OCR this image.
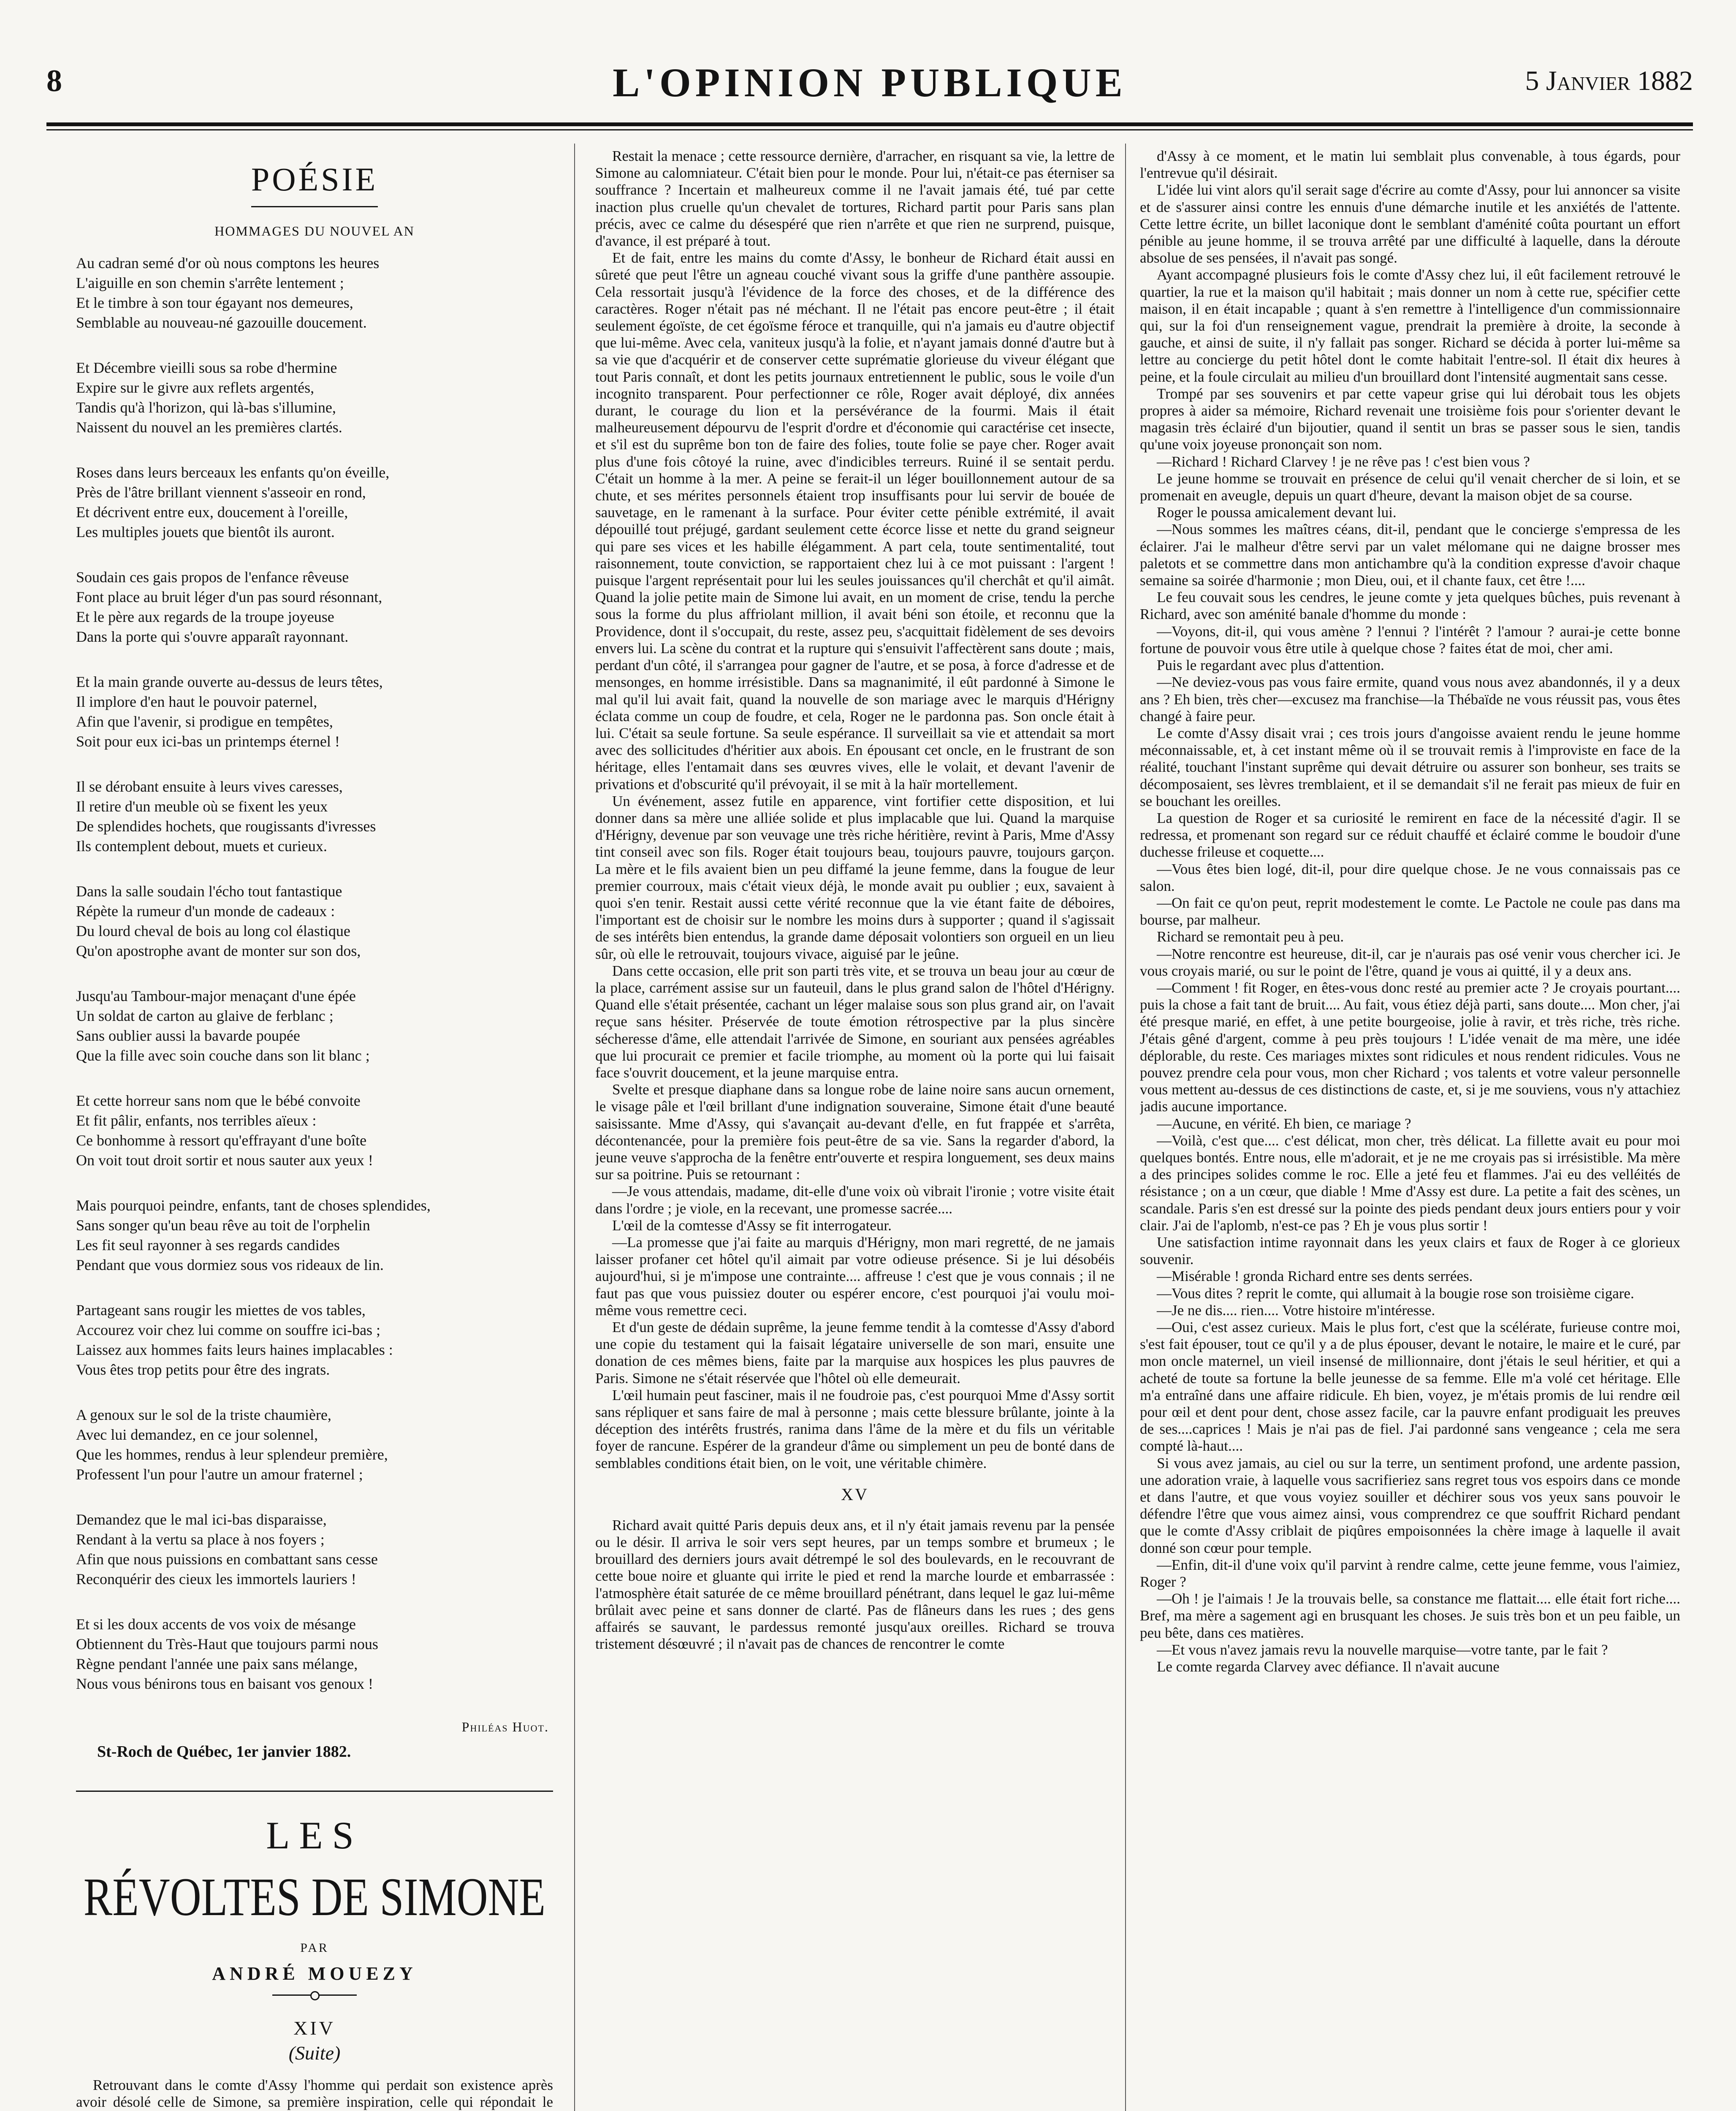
8	L'OPINION PUBLIQUE	5 Janvier 1882
POÉSIE
HOMMAGES DU NOUVEL AN
Au cadran semé d'or où nous comptons les heures
L'aiguille en son chemin s'arrête lentement ;
Et le timbre à son tour égayant nos demeures,
Semblable au nouveau-né gazouille doucement.
Et Décembre vieilli sous sa robe d'hermine
Expire sur le givre aux reflets argentés,
Tandis qu'à l'horizon, qui là-bas s'illumine,
Naissent du nouvel an les premières clartés.
Roses dans leurs berceaux les enfants qu'on éveille,
Près de l'âtre brillant viennent s'asseoir en rond,
Et décrivent entre eux, doucement à l'oreille,
Les multiples jouets que bientôt ils auront.
Soudain ces gais propos de l'enfance rêveuse
Font place au bruit léger d'un pas sourd résonnant,
Et le père aux regards de la troupe joyeuse
Dans la porte qui s'ouvre apparaît rayonnant.
Et la main grande ouverte au-dessus de leurs têtes,
Il implore d'en haut le pouvoir paternel,
Afin que l'avenir, si prodigue en tempêtes,
Soit pour eux ici-bas un printemps éternel !
Il se dérobant ensuite à leurs vives caresses,
Il retire d'un meuble où se fixent les yeux
De splendides hochets, que rougissants d'ivresses
Ils contemplent debout, muets et curieux.
Dans la salle soudain l'écho tout fantastique
Répète la rumeur d'un monde de cadeaux :
Du lourd cheval de bois au long col élastique
Qu'on apostrophe avant de monter sur son dos,
Jusqu'au Tambour-major menaçant d'une épée
Un soldat de carton au glaive de ferblanc ;
Sans oublier aussi la bavarde poupée
Que la fille avec soin couche dans son lit blanc ;
Et cette horreur sans nom que le bébé convoite
Et fit pâlir, enfants, nos terribles aïeux :
Ce bonhomme à ressort qu'effrayant d'une boîte
On voit tout droit sortir et nous sauter aux yeux !
Mais pourquoi peindre, enfants, tant de choses splendides,
Sans songer qu'un beau rêve au toit de l'orphelin
Les fit seul rayonner à ses regards candides
Pendant que vous dormiez sous vos rideaux de lin.
Partageant sans rougir les miettes de vos tables,
Accourez voir chez lui comme on souffre ici-bas ;
Laissez aux hommes faits leurs haines implacables :
Vous êtes trop petits pour être des ingrats.
A genoux sur le sol de la triste chaumière,
Avec lui demandez, en ce jour solennel,
Que les hommes, rendus à leur splendeur première,
Professent l'un pour l'autre un amour fraternel ;
Demandez que le mal ici-bas disparaisse,
Rendant à la vertu sa place à nos foyers ;
Afin que nous puissions en combattant sans cesse
Reconquérir des cieux les immortels lauriers !
Et si les doux accents de vos voix de mésange
Obtiennent du Très-Haut que toujours parmi nous
Règne pendant l'année une paix sans mélange,
Nous vous bénirons tous en baisant vos genoux !
Philéas Huot.
St-Roch de Québec, 1er janvier 1882.
LES
RÉVOLTES DE SIMONE
PAR
ANDRÉ MOUEZY
XIV
(Suite)

Retrouvant dans le comte d'Assy l'homme qui perdait son existence après avoir désolé celle de Simone, sa première inspiration, celle qui répondait le

Restait la menace ; cette ressource dernière, d'arracher, en risquant sa vie, la lettre de Simone au calomniateur. C'était bien pour le monde. Pour lui, n'était-ce pas éterniser sa souffrance ? Incertain et malheureux comme il ne l'avait jamais été, tué par cette inaction plus cruelle qu'un chevalet de tortures, Richard partit pour Paris sans plan précis, avec ce calme du désespéré que rien n'arrête et que rien ne surprend, puisque, d'avance, il est préparé à tout.

Et de fait, entre les mains du comte d'Assy, le bonheur de Richard était aussi en sûreté que peut l'être un agneau couché vivant sous la griffe d'une panthère assoupie. Cela ressortait jusqu'à l'évidence de la force des choses, et de la différence des caractères. Roger n'était pas né méchant. Il ne l'était pas encore peut-être ; il était seulement égoïste, de cet égoïsme féroce et tranquille, qui n'a jamais eu d'autre objectif que lui-même. Avec cela, vaniteux jusqu'à la folie, et n'ayant jamais donné d'autre but à sa vie que d'acquérir et de conserver cette suprématie glorieuse du viveur élégant que tout Paris connaît, et dont les petits journaux entretiennent le public, sous le voile d'un incognito transparent. Pour perfectionner ce rôle, Roger avait déployé, dix années durant, le courage du lion et la persévérance de la fourmi. Mais il était malheureusement dépourvu de l'esprit d'ordre et d'économie qui caractérise cet insecte, et s'il est du suprême bon ton de faire des folies, toute folie se paye cher. Roger avait plus d'une fois côtoyé la ruine, avec d'indicibles terreurs. Ruiné il se sentait perdu. C'était un homme à la mer. A peine se ferait-il un léger bouillonnement autour de sa chute, et ses mérites personnels étaient trop insuffisants pour lui servir de bouée de sauvetage, en le ramenant à la surface. Pour éviter cette pénible extrémité, il avait dépouillé tout préjugé, gardant seulement cette écorce lisse et nette du grand seigneur qui pare ses vices et les habille élégamment. A part cela, toute sentimentalité, tout raisonnement, toute conviction, se rapportaient chez lui à ce mot puissant : l'argent ! puisque l'argent représentait pour lui les seules jouissances qu'il cherchât et qu'il aimât. Quand la jolie petite main de Simone lui avait, en un moment de crise, tendu la perche sous la forme du plus affriolant million, il avait béni son étoile, et reconnu que la Providence, dont il s'occupait, du reste, assez peu, s'acquittait fidèlement de ses devoirs envers lui. La scène du contrat et la rupture qui s'ensuivit l'affectèrent sans doute ; mais, perdant d'un côté, il s'arrangea pour gagner de l'autre, et se posa, à force d'adresse et de mensonges, en homme irrésistible. Dans sa magnanimité, il eût pardonné à Simone le mal qu'il lui avait fait, quand la nouvelle de son mariage avec le marquis d'Hérigny éclata comme un coup de foudre, et cela, Roger ne le pardonna pas. Son oncle était à lui. C'était sa seule fortune. Sa seule espérance. Il surveillait sa vie et attendait sa mort avec des sollicitudes d'héritier aux abois. En épousant cet oncle, en le frustrant de son héritage, elles l'entamait dans ses œuvres vives, elle le volait, et devant l'avenir de privations et d'obscurité qu'il prévoyait, il se mit à la haïr mortellement.

Un événement, assez futile en apparence, vint fortifier cette disposition, et lui donner dans sa mère une alliée solide et plus implacable que lui. Quand la marquise d'Hérigny, devenue par son veuvage une très riche héritière, revint à Paris, Mme d'Assy tint conseil avec son fils. Roger était toujours beau, toujours pauvre, toujours garçon. La mère et le fils avaient bien un peu diffamé la jeune femme, dans la fougue de leur premier courroux, mais c'était vieux déjà, le monde avait pu oublier ; eux, savaient à quoi s'en tenir. Restait aussi cette vérité reconnue que la vie étant faite de déboires, l'important est de choisir sur le nombre les moins durs à supporter ; quand il s'agissait de ses intérêts bien entendus, la grande dame déposait volontiers son orgueil en un lieu sûr, où elle le retrouvait, toujours vivace, aiguisé par le jeûne.

Dans cette occasion, elle prit son parti très vite, et se trouva un beau jour au cœur de la place, carrément assise sur un fauteuil, dans le plus grand salon de l'hôtel d'Hérigny. Quand elle s'était présentée, cachant un léger malaise sous son plus grand air, on l'avait reçue sans hésiter. Préservée de toute émotion rétrospective par la plus sincère sécheresse d'âme, elle attendait l'arrivée de Simone, en souriant aux pensées agréables que lui procurait ce premier et facile triomphe, au moment où la porte qui lui faisait face s'ouvrit doucement, et la jeune marquise entra.

Svelte et presque diaphane dans sa longue robe de laine noire sans aucun ornement, le visage pâle et l'œil brillant d'une indignation souveraine, Simone était d'une beauté saisissante. Mme d'Assy, qui s'avançait au-devant d'elle, en fut frappée et s'arrêta, décontenancée, pour la première fois peut-être de sa vie. Sans la regarder d'abord, la jeune veuve s'approcha de la fenêtre entr'ouverte et respira longuement, ses deux mains sur sa poitrine. Puis se retournant :

—Je vous attendais, madame, dit-elle d'une voix où vibrait l'ironie ; votre visite était dans l'ordre ; je viole, en la recevant, une promesse sacrée....

L'œil de la comtesse d'Assy se fit interrogateur.

—La promesse que j'ai faite au marquis d'Hérigny, mon mari regretté, de ne jamais laisser profaner cet hôtel qu'il aimait par votre odieuse présence. Si je lui désobéis aujourd'hui, si je m'impose une contrainte.... affreuse ! c'est que je vous connais ; il ne faut pas que vous puissiez douter ou espérer encore, c'est pourquoi j'ai voulu moi-même vous remettre ceci.

Et d'un geste de dédain suprême, la jeune femme tendit à la comtesse d'Assy d'abord une copie du testament qui la faisait légataire universelle de son mari, ensuite une donation de ces mêmes biens, faite par la marquise aux hospices les plus pauvres de Paris. Simone ne s'était réservée que l'hôtel où elle demeurait.

L'œil humain peut fasciner, mais il ne foudroie pas, c'est pourquoi Mme d'Assy sortit sans répliquer et sans faire de mal à personne ; mais cette blessure brûlante, jointe à la déception des intérêts frustrés, ranima dans l'âme de la mère et du fils un véritable foyer de rancune. Espérer de la grandeur d'âme ou simplement un peu de bonté dans de semblables conditions était bien, on le voit, une véritable chimère.

XV

Richard avait quitté Paris depuis deux ans, et il n'y était jamais revenu par la pensée ou le désir. Il arriva le soir vers sept heures, par un temps sombre et brumeux ; le brouillard des derniers jours avait détrempé le sol des boulevards, en le recouvrant de cette boue noire et gluante qui irrite le pied et rend la marche lourde et embarrassée : l'atmosphère était saturée de ce même brouillard pénétrant, dans lequel le gaz lui-même brûlait avec peine et sans donner de clarté. Pas de flâneurs dans les rues ; des gens affairés se sauvant, le pardessus remonté jusqu'aux oreilles. Richard se trouva tristement désœuvré ; il n'avait pas de chances de rencontrer le comte

d'Assy à ce moment, et le matin lui semblait plus convenable, à tous égards, pour l'entrevue qu'il désirait.

L'idée lui vint alors qu'il serait sage d'écrire au comte d'Assy, pour lui annoncer sa visite et de s'assurer ainsi contre les ennuis d'une démarche inutile et les anxiétés de l'attente. Cette lettre écrite, un billet laconique dont le semblant d'aménité coûta pourtant un effort pénible au jeune homme, il se trouva arrêté par une difficulté à laquelle, dans la déroute absolue de ses pensées, il n'avait pas songé.

Ayant accompagné plusieurs fois le comte d'Assy chez lui, il eût facilement retrouvé le quartier, la rue et la maison qu'il habitait ; mais donner un nom à cette rue, spécifier cette maison, il en était incapable ; quant à s'en remettre à l'intelligence d'un commissionnaire qui, sur la foi d'un renseignement vague, prendrait la première à droite, la seconde à gauche, et ainsi de suite, il n'y fallait pas songer. Richard se décida à porter lui-même sa lettre au concierge du petit hôtel dont le comte habitait l'entre-sol. Il était dix heures à peine, et la foule circulait au milieu d'un brouillard dont l'intensité augmentait sans cesse.

Trompé par ses souvenirs et par cette vapeur grise qui lui dérobait tous les objets propres à aider sa mémoire, Richard revenait une troisième fois pour s'orienter devant le magasin très éclairé d'un bijoutier, quand il sentit un bras se passer sous le sien, tandis qu'une voix joyeuse prononçait son nom.

—Richard ! Richard Clarvey ! je ne rêve pas ! c'est bien vous ?

Le jeune homme se trouvait en présence de celui qu'il venait chercher de si loin, et se promenait en aveugle, depuis un quart d'heure, devant la maison objet de sa course.

Roger le poussa amicalement devant lui.

—Nous sommes les maîtres céans, dit-il, pendant que le concierge s'empressa de les éclairer. J'ai le malheur d'être servi par un valet mélomane qui ne daigne brosser mes paletots et se commettre dans mon antichambre qu'à la condition expresse d'avoir chaque semaine sa soirée d'harmonie ; mon Dieu, oui, et il chante faux, cet être !....

Le feu couvait sous les cendres, le jeune comte y jeta quelques bûches, puis revenant à Richard, avec son aménité banale d'homme du monde :

—Voyons, dit-il, qui vous amène ? l'ennui ? l'intérêt ? l'amour ? aurai-je cette bonne fortune de pouvoir vous être utile à quelque chose ? faites état de moi, cher ami.

Puis le regardant avec plus d'attention.

—Ne deviez-vous pas vous faire ermite, quand vous nous avez abandonnés, il y a deux ans ? Eh bien, très cher—excusez ma franchise—la Thébaïde ne vous réussit pas, vous êtes changé à faire peur.

Le comte d'Assy disait vrai ; ces trois jours d'angoisse avaient rendu le jeune homme méconnaissable, et, à cet instant même où il se trouvait remis à l'improviste en face de la réalité, touchant l'instant suprême qui devait détruire ou assurer son bonheur, ses traits se décomposaient, ses lèvres tremblaient, et il se demandait s'il ne ferait pas mieux de fuir en se bouchant les oreilles.

La question de Roger et sa curiosité le remirent en face de la nécessité d'agir. Il se redressa, et promenant son regard sur ce réduit chauffé et éclairé comme le boudoir d'une duchesse frileuse et coquette....

—Vous êtes bien logé, dit-il, pour dire quelque chose. Je ne vous connaissais pas ce salon.

—On fait ce qu'on peut, reprit modestement le comte. Le Pactole ne coule pas dans ma bourse, par malheur.

Richard se remontait peu à peu.

—Notre rencontre est heureuse, dit-il, car je n'aurais pas osé venir vous chercher ici. Je vous croyais marié, ou sur le point de l'être, quand je vous ai quitté, il y a deux ans.

—Comment ! fit Roger, en êtes-vous donc resté au premier acte ? Je croyais pourtant.... puis la chose a fait tant de bruit.... Au fait, vous étiez déjà parti, sans doute.... Mon cher, j'ai été presque marié, en effet, à une petite bourgeoise, jolie à ravir, et très riche, très riche. J'étais gêné d'argent, comme à peu près toujours ! L'idée venait de ma mère, une idée déplorable, du reste. Ces mariages mixtes sont ridicules et nous rendent ridicules. Vous ne pouvez prendre cela pour vous, mon cher Richard ; vos talents et votre valeur personnelle vous mettent au-dessus de ces distinctions de caste, et, si je me souviens, vous n'y attachiez jadis aucune importance.

—Aucune, en vérité. Eh bien, ce mariage ?

—Voilà, c'est que.... c'est délicat, mon cher, très délicat. La fillette avait eu pour moi quelques bontés. Entre nous, elle m'adorait, et je ne me croyais pas si irrésistible. Ma mère a des principes solides comme le roc. Elle a jeté feu et flammes. J'ai eu des velléités de résistance ; on a un cœur, que diable ! Mme d'Assy est dure. La petite a fait des scènes, un scandale. Paris s'en est dressé sur la pointe des pieds pendant deux jours entiers pour y voir clair. J'ai de l'aplomb, n'est-ce pas ? Eh je vous plus sortir !

Une satisfaction intime rayonnait dans les yeux clairs et faux de Roger à ce glorieux souvenir.

—Misérable ! gronda Richard entre ses dents serrées.

—Vous dites ? reprit le comte, qui allumait à la bougie rose son troisième cigare.

—Je ne dis.... rien.... Votre histoire m'intéresse.

—Oui, c'est assez curieux. Mais le plus fort, c'est que la scélérate, furieuse contre moi, s'est fait épouser, tout ce qu'il y a de plus épouser, devant le notaire, le maire et le curé, par mon oncle maternel, un vieil insensé de millionnaire, dont j'étais le seul héritier, et qui a acheté de toute sa fortune la belle jeunesse de sa femme. Elle m'a volé cet héritage. Elle m'a entraîné dans une affaire ridicule. Eh bien, voyez, je m'étais promis de lui rendre œil pour œil et dent pour dent, chose assez facile, car la pauvre enfant prodiguait les preuves de ses....caprices ! Mais je n'ai pas de fiel. J'ai pardonné sans vengeance ; cela me sera compté là-haut....

Si vous avez jamais, au ciel ou sur la terre, un sentiment profond, une ardente passion, une adoration vraie, à laquelle vous sacrifieriez sans regret tous vos espoirs dans ce monde et dans l'autre, et que vous voyiez souiller et déchirer sous vos yeux sans pouvoir le défendre l'être que vous aimez ainsi, vous comprendrez ce que souffrit Richard pendant que le comte d'Assy criblait de piqûres empoisonnées la chère image à laquelle il avait donné son cœur pour temple.

—Enfin, dit-il d'une voix qu'il parvint à rendre calme, cette jeune femme, vous l'aimiez, Roger ?

—Oh ! je l'aimais ! Je la trouvais belle, sa constance me flattait.... elle était fort riche.... Bref, ma mère a sagement agi en brusquant les choses. Je suis très bon et un peu faible, un peu bête, dans ces matières.

—Et vous n'avez jamais revu la nouvelle marquise—votre tante, par le fait ?

Le comte regarda Clarvey avec défiance. Il n'avait aucune
